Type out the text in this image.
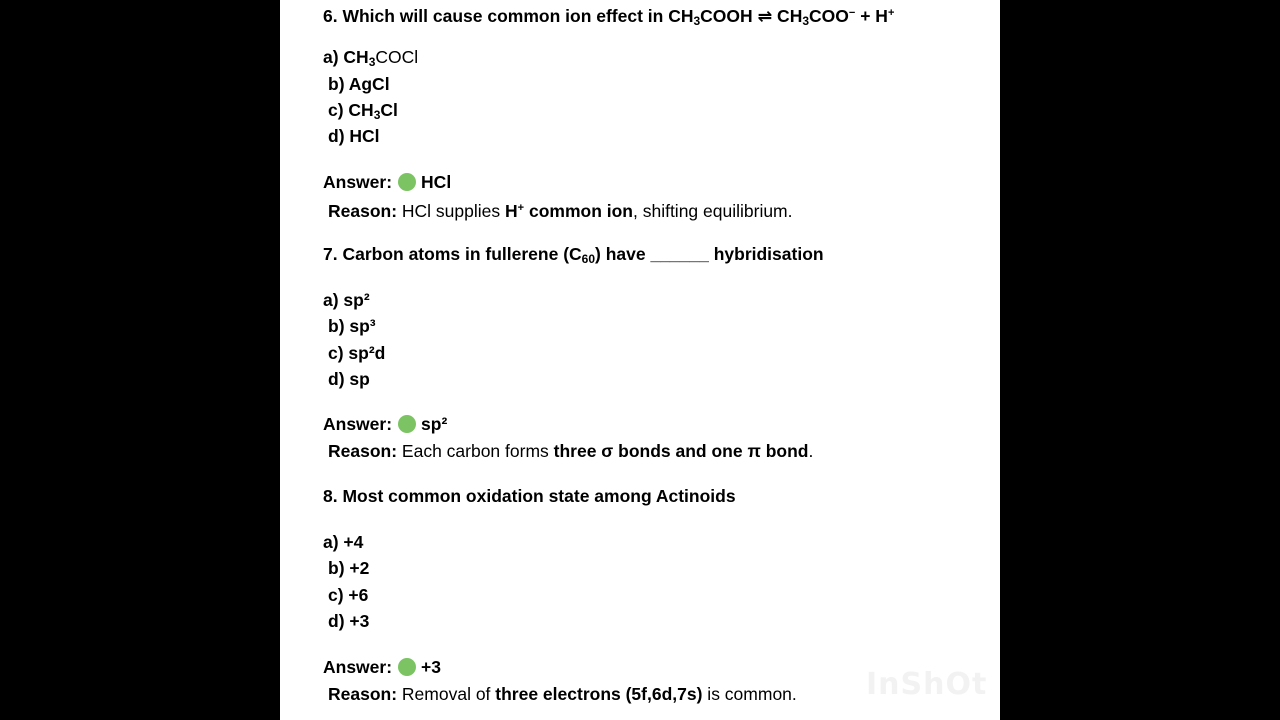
6. Which will cause common ion effect in $CH_3COOH$ ⇌ $CH_3COO^- + H^+$
a) $CH_3COCl$
b) AgCl
c) $CH_3Cl$
d) HCl
Answer: HCl
Reason: HCl supplies H+ common ion, shifting equilibrium.
7. Carbon atoms in fullerene $(C_{60})$ have ______ hybridisation
a) sp²
b) sp³
c) sp²d
d) sp
Answer: sp²
Reason: Each carbon forms three σ bonds and one π bond.
8. Most common oxidation state among Actinoids
a) +4
b) +2
c) +6
d) +3
Answer: +3
Reason: Removal of three electrons (5f,6d,7s) is common. InShOt
